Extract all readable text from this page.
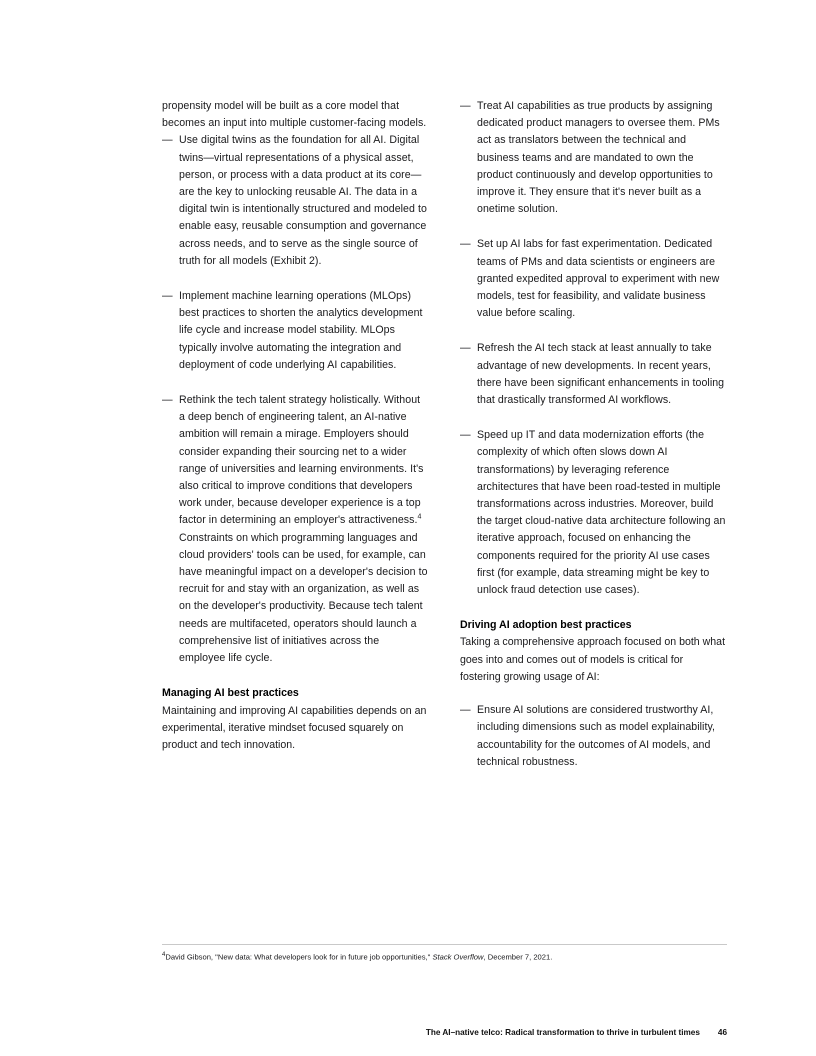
propensity model will be built as a core model that becomes an input into multiple customer-facing models.

— Use digital twins as the foundation for all AI. Digital twins—virtual representations of a physical asset, person, or process with a data product at its core—are the key to unlocking reusable AI. The data in a digital twin is intentionally structured and modeled to enable easy, reusable consumption and governance across needs, and to serve as the single source of truth for all models (Exhibit 2).
— Implement machine learning operations (MLOps) best practices to shorten the analytics development life cycle and increase model stability. MLOps typically involve automating the integration and deployment of code underlying AI capabilities.
— Rethink the tech talent strategy holistically. Without a deep bench of engineering talent, an AI-native ambition will remain a mirage. Employers should consider expanding their sourcing net to a wider range of universities and learning environments. It's also critical to improve conditions that developers work under, because developer experience is a top factor in determining an employer's attractiveness.$^4$ Constraints on which programming languages and cloud providers' tools can be used, for example, can have meaningful impact on a developer's decision to recruit for and stay with an organization, as well as on the developer's productivity. Because tech talent needs are multifaceted, operators should launch a comprehensive list of initiatives across the employee life cycle.
Managing AI best practices
Maintaining and improving AI capabilities depends on an experimental, iterative mindset focused squarely on product and tech innovation.
— Treat AI capabilities as true products by assigning dedicated product managers to oversee them. PMs act as translators between the technical and business teams and are mandated to own the product continuously and develop opportunities to improve it. They ensure that it's never built as a onetime solution.
— Set up AI labs for fast experimentation. Dedicated teams of PMs and data scientists or engineers are granted expedited approval to experiment with new models, test for feasibility, and validate business value before scaling.
— Refresh the AI tech stack at least annually to take advantage of new developments. In recent years, there have been significant enhancements in tooling that drastically transformed AI workflows.
— Speed up IT and data modernization efforts (the complexity of which often slows down AI transformations) by leveraging reference architectures that have been road-tested in multiple transformations across industries. Moreover, build the target cloud-native data architecture following an iterative approach, focused on enhancing the components required for the priority AI use cases first (for example, data streaming might be key to unlock fraud detection use cases).
Driving AI adoption best practices
Taking a comprehensive approach focused on both what goes into and comes out of models is critical for fostering growing usage of AI:
— Ensure AI solutions are considered trustworthy AI, including dimensions such as model explainability, accountability for the outcomes of AI models, and technical robustness.
$^4$David Gibson, "New data: What developers look for in future job opportunities," Stack Overflow, December 7, 2021.
The AI–native telco: Radical transformation to thrive in turbulent times 46
